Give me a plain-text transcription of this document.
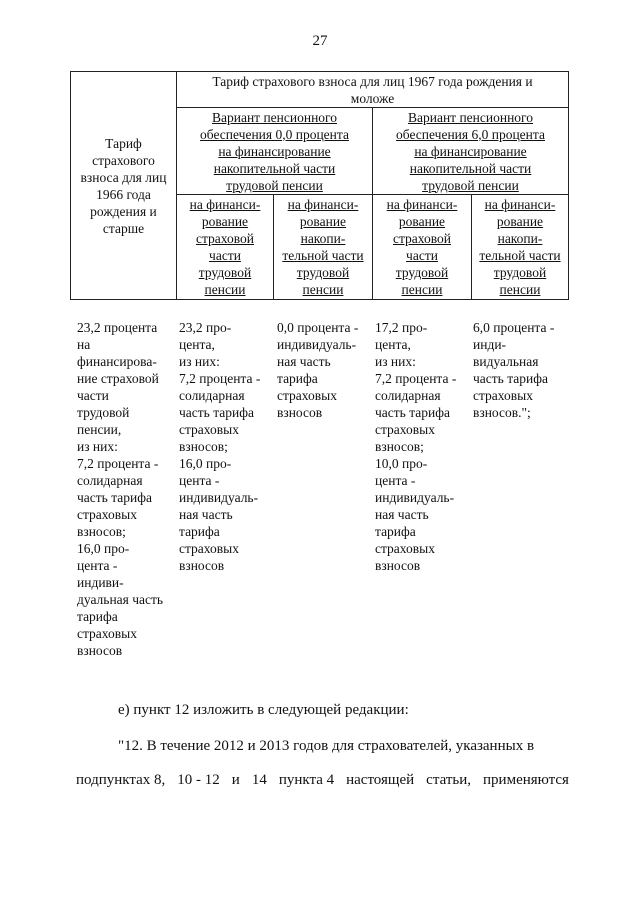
27
Тариф
страхового
взноса для лиц
1966 года
рождения и
старше
Тариф страхового взноса для лиц 1967 года рождения и
моложе
Вариант пенсионного
обеспечения 0,0 процента
на финансирование
накопительной части
трудовой пенсии
Вариант пенсионного
обеспечения 6,0 процента
на финансирование
накопительной части
трудовой пенсии
на финанси-
рование
страховой
части
трудовой
пенсии
на финанси-
рование
накопи-
тельной части
трудовой
пенсии
на финанси-
рование
страховой
части
трудовой
пенсии
на финанси-
рование
накопи-
тельной части
трудовой
пенсии
23,2 процента
на
финансирова-
ние страховой
части
трудовой
пенсии,
из них:
7,2 процента -
солидарная
часть тарифа
страховых
взносов;
16,0 про-
цента -
индиви-
дуальная часть
тарифа
страховых
взносов
23,2 про-
цента,
из них:
7,2 процента -
солидарная
часть тарифа
страховых
взносов;
16,0 про-
цента -
индивидуаль-
ная часть
тарифа
страховых
взносов
0,0 процента -
индивидуаль-
ная часть
тарифа
страховых
взносов
17,2 про-
цента,
из них:
7,2 процента -
солидарная
часть тарифа
страховых
взносов;
10,0 про-
цента -
индивидуаль-
ная часть
тарифа
страховых
взносов
6,0 процента -
инди-
видуальная
часть тарифа
страховых
взносов.";
е) пункт 12 изложить в следующей редакции:
"12. В течение 2012 и 2013 годов для страхователей, указанных в
подпунктах 8, 10 - 12 и 14 пункта 4 настоящей статьи, применяются
